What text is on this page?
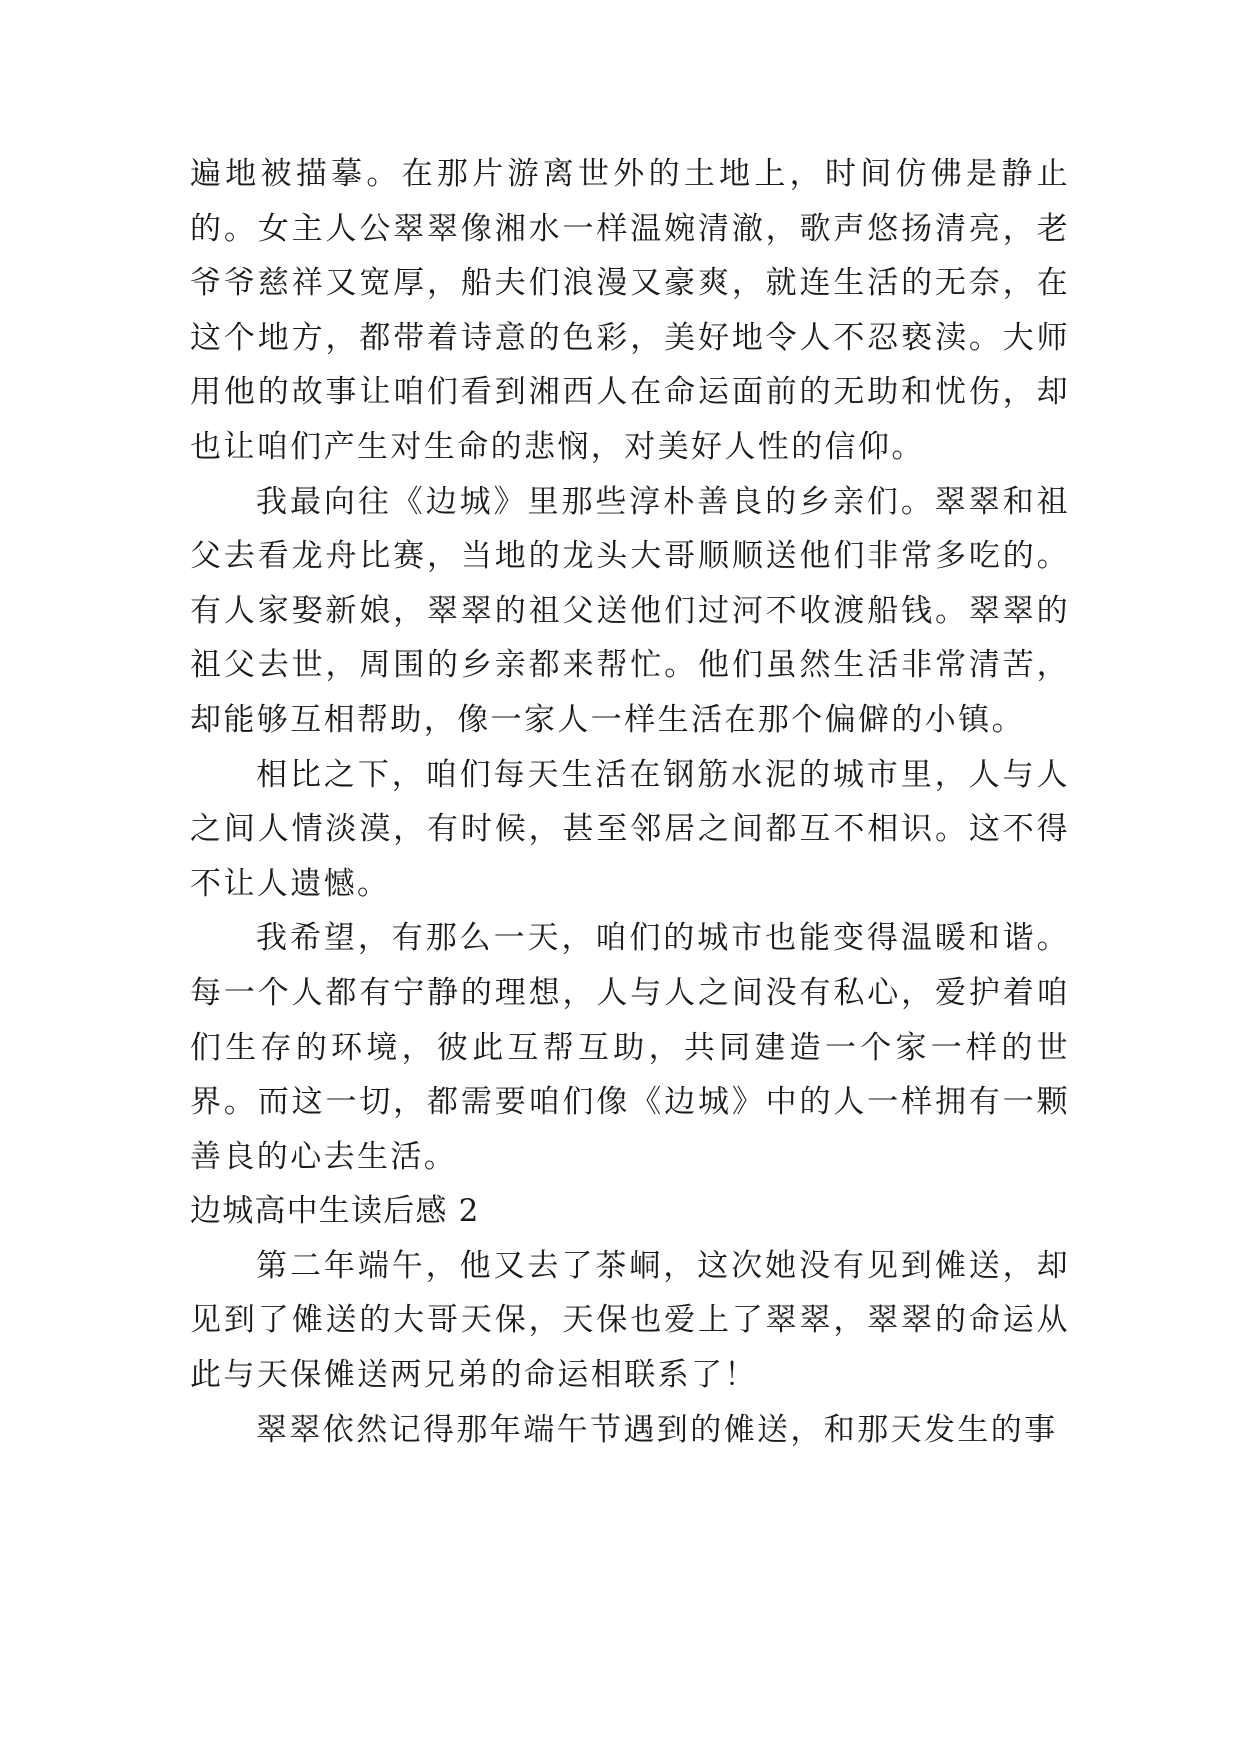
遍地被描摹。在那片游离世外的土地上，时间仿佛是静止的。女主人公翠翠像湘水一样温婉清澈，歌声悠扬清亮，老爷爷慈祥又宽厚，船夫们浪漫又豪爽，就连生活的无奈，在这个地方，都带着诗意的色彩，美好地令人不忍亵渎。大师用他的故事让咱们看到湘西人在命运面前的无助和忧伤，却也让咱们产生对生命的悲悯，对美好人性的信仰。

我最向往《边城》里那些淳朴善良的乡亲们。翠翠和祖父去看龙舟比赛，当地的龙头大哥顺顺送他们非常多吃的。有人家娶新娘，翠翠的祖父送他们过河不收渡船钱。翠翠的祖父去世，周围的乡亲都来帮忙。他们虽然生活非常清苦，却能够互相帮助，像一家人一样生活在那个偏僻的小镇。

相比之下，咱们每天生活在钢筋水泥的城市里，人与人之间人情淡漠，有时候，甚至邻居之间都互不相识。这不得不让人遗憾。

我希望，有那么一天，咱们的城市也能变得温暖和谐。每一个人都有宁静的理想，人与人之间没有私心，爱护着咱们生存的环境，彼此互帮互助，共同建造一个家一样的世界。而这一切，都需要咱们像《边城》中的人一样拥有一颗善良的心去生活。

边城高中生读后感 2

第二年端午，他又去了茶峒，这次她没有见到傩送，却见到了傩送的大哥天保，天保也爱上了翠翠，翠翠的命运从此与天保傩送两兄弟的命运相联系了！

翠翠依然记得那年端午节遇到的傩送，和那天发生的事
